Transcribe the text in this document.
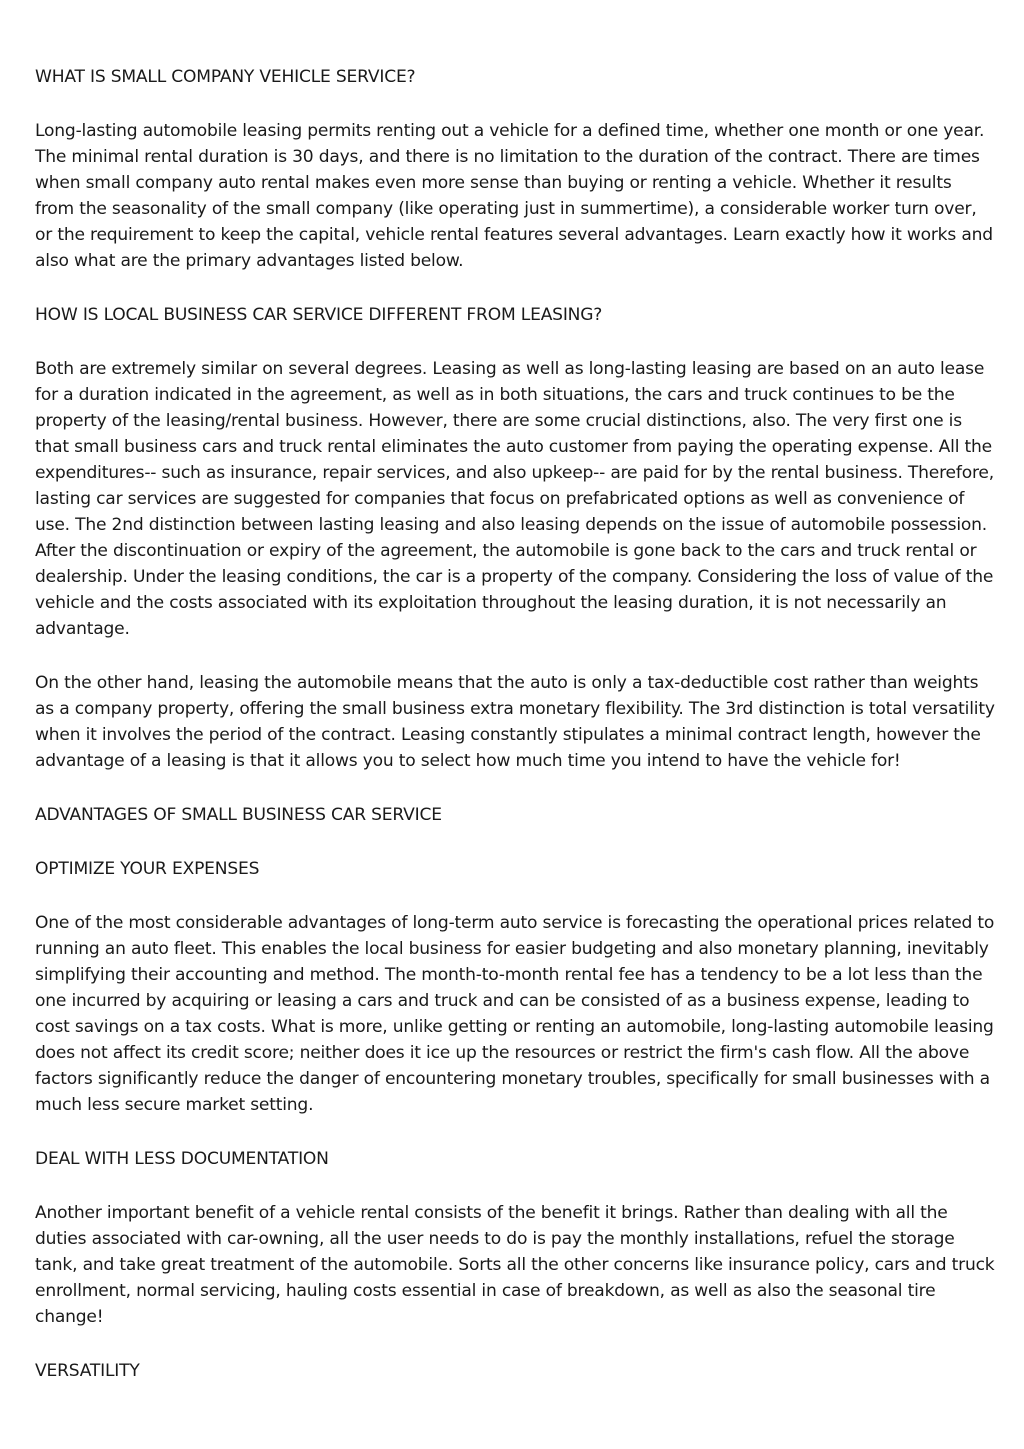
WHAT IS SMALL COMPANY VEHICLE SERVICE?

Long-lasting automobile leasing permits renting out a vehicle for a defined time, whether one month or one year. The minimal rental duration is 30 days, and there is no limitation to the duration of the contract. There are times when small company auto rental makes even more sense than buying or renting a vehicle. Whether it results from the seasonality of the small company (like operating just in summertime), a considerable worker turn over, or the requirement to keep the capital, vehicle rental features several advantages. Learn exactly how it works and also what are the primary advantages listed below.

HOW IS LOCAL BUSINESS CAR SERVICE DIFFERENT FROM LEASING?

Both are extremely similar on several degrees. Leasing as well as long-lasting leasing are based on an auto lease for a duration indicated in the agreement, as well as in both situations, the cars and truck continues to be the property of the leasing/rental business. However, there are some crucial distinctions, also. The very first one is that small business cars and truck rental eliminates the auto customer from paying the operating expense. All the expenditures-- such as insurance, repair services, and also upkeep-- are paid for by the rental business. Therefore, lasting car services are suggested for companies that focus on prefabricated options as well as convenience of use. The 2nd distinction between lasting leasing and also leasing depends on the issue of automobile possession. After the discontinuation or expiry of the agreement, the automobile is gone back to the cars and truck rental or dealership. Under the leasing conditions, the car is a property of the company. Considering the loss of value of the vehicle and the costs associated with its exploitation throughout the leasing duration, it is not necessarily an advantage.

On the other hand, leasing the automobile means that the auto is only a tax-deductible cost rather than weights as a company property, offering the small business extra monetary flexibility. The 3rd distinction is total versatility when it involves the period of the contract. Leasing constantly stipulates a minimal contract length, however the advantage of a leasing is that it allows you to select how much time you intend to have the vehicle for!

ADVANTAGES OF SMALL BUSINESS CAR SERVICE
OPTIMIZE YOUR EXPENSES

One of the most considerable advantages of long-term auto service is forecasting the operational prices related to running an auto fleet. This enables the local business for easier budgeting and also monetary planning, inevitably simplifying their accounting and method. The month-to-month rental fee has a tendency to be a lot less than the one incurred by acquiring or leasing a cars and truck and can be consisted of as a business expense, leading to cost savings on a tax costs. What is more, unlike getting or renting an automobile, long-lasting automobile leasing does not affect its credit score; neither does it ice up the resources or restrict the firm's cash flow. All the above factors significantly reduce the danger of encountering monetary troubles, specifically for small businesses with a much less secure market setting.

DEAL WITH LESS DOCUMENTATION

Another important benefit of a vehicle rental consists of the benefit it brings. Rather than dealing with all the duties associated with car-owning, all the user needs to do is pay the monthly installations, refuel the storage tank, and take great treatment of the automobile. Sorts all the other concerns like insurance policy, cars and truck enrollment, normal servicing, hauling costs essential in case of breakdown, as well as also the seasonal tire change!

VERSATILITY
